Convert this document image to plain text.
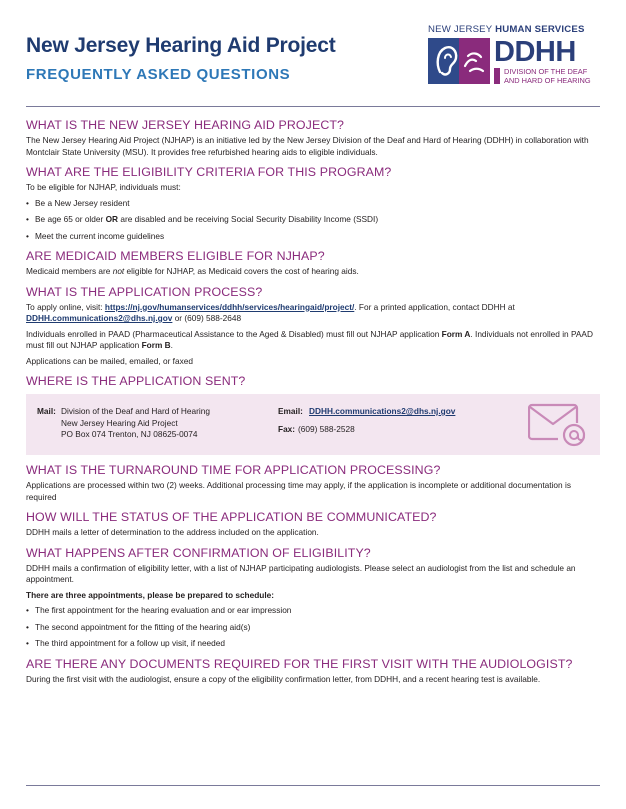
New Jersey Hearing Aid Project
FREQUENTLY ASKED QUESTIONS
NEW JERSEY HUMAN SERVICES
DDHH
DIVISION OF THE DEAF
AND HARD OF HEARING
WHAT IS THE NEW JERSEY HEARING AID PROJECT?

The New Jersey Hearing Aid Project (NJHAP) is an initiative led by the New Jersey Division of the Deaf and Hard of Hearing (DDHH) in collaboration with Montclair State University (MSU). It provides free refurbished hearing aids to eligible individuals.

WHAT ARE THE ELIGIBILITY CRITERIA FOR THIS PROGRAM?

To be eligible for NJHAP, individuals must:

• Be a New Jersey resident
• Be age 65 or older OR are disabled and be receiving Social Security Disability Income (SSDI)
• Meet the current income guidelines
ARE MEDICAID MEMBERS ELIGIBLE FOR NJHAP?

Medicaid members are not eligible for NJHAP, as Medicaid covers the cost of hearing aids.

WHAT IS THE APPLICATION PROCESS?

To apply online, visit: https://nj.gov/humanservices/ddhh/services/hearingaid/project/. For a printed application, contact DDHH at DDHH.communications2@dhs.nj.gov or (609) 588-2648

Individuals enrolled in PAAD (Pharmaceutical Assistance to the Aged & Disabled) must fill out NJHAP application Form A. Individuals not enrolled in PAAD must fill out NJHAP application Form B.

Applications can be mailed, emailed, or faxed

WHERE IS THE APPLICATION SENT?
Mail: Division of the Deaf and Hard of Hearing
New Jersey Hearing Aid Project
PO Box 074 Trenton, NJ 08625-0074
Email: DDHH.communications2@dhs.nj.gov
Fax: (609) 588-2528
WHAT IS THE TURNAROUND TIME FOR APPLICATION PROCESSING?

Applications are processed within two (2) weeks. Additional processing time may apply, if the application is incomplete or additional documentation is required

HOW WILL THE STATUS OF THE APPLICATION BE COMMUNICATED?

DDHH mails a letter of determination to the address included on the application.

WHAT HAPPENS AFTER CONFIRMATION OF ELIGIBILITY?

DDHH mails a confirmation of eligibility letter, with a list of NJHAP participating audiologists. Please select an audiologist from the list and schedule an appointment.

There are three appointments, please be prepared to schedule:

• The first appointment for the hearing evaluation and or ear impression
• The second appointment for the fitting of the hearing aid(s)
• The third appointment for a follow up visit, if needed
ARE THERE ANY DOCUMENTS REQUIRED FOR THE FIRST VISIT WITH THE AUDIOLOGIST?

During the first visit with the audiologist, ensure a copy of the eligibility confirmation letter, from DDHH, and a recent hearing test is available.
